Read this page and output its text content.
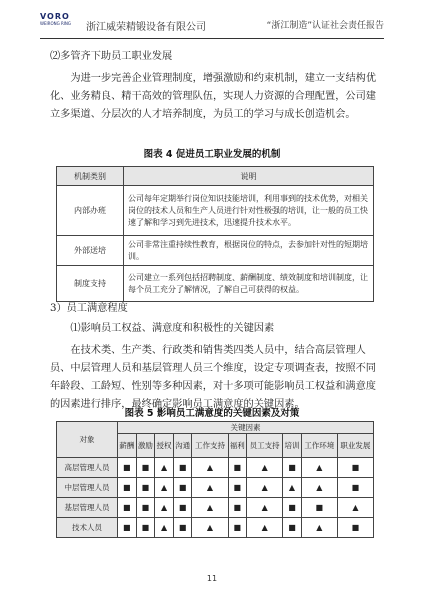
VORO
WEIRONG RING	浙江威荣精锻设备有限公司	“浙江制造”认证社会责任报告
⑵多管齐下助员工职业发展
为进一步完善企业管理制度，增强激励和约束机制，建立一支结构优化、业务精良、精干高效的管理队伍，实现人力资源的合理配置，公司建立多渠道、分层次的人才培养制度，为员工的学习与成长创造机会。
图表 4 促进员工职业发展的机制
机制类别	说明
内部办班	公司每年定期举行岗位知识技能培训，利用事到的技术优势，对相关岗位的技术人员和生产人员进行针对性极强的培训，让一般的员工快速了解和学习到先进技术，迅速提升技术水平。
外部送培	公司非常注重持续性教育，根据岗位的特点，去参加针对性的短期培训。
制度支持	公司建立一系列包括招聘制度、薪酬制度、绩效制度和培训制度，让每个员工充分了解情况，了解自己可获得的权益。
3）员工满意程度
⑴影响员工权益、满意度和积极性的关键因素
在技术类、生产类、行政类和销售类四类人员中，结合高层管理人员、中层管理人员和基层管理人员三个维度，设定专项调查表，按照不同年龄段、工龄短、性别等多种因素，对十多项可能影响员工权益和满意度的因素进行排序，最终确定影响员工满意度的关键因素。
图表 5 影响员工满意度的关键因素及对策
对象	关键因素									
	薪酬	激励	授权	沟通	工作支持	福利	员工支持	培训	工作环境	职业发展
高层管理人员	■	■	▲	■	▲	■	▲	■	▲	■
中层管理人员	■	■	▲	■	▲	■	▲	▲	▲	■
基层管理人员	■	■	▲	■	▲	■	▲	■	■	▲
技术人员	■	■	▲	■	▲	■	▲	■	▲	■
11
